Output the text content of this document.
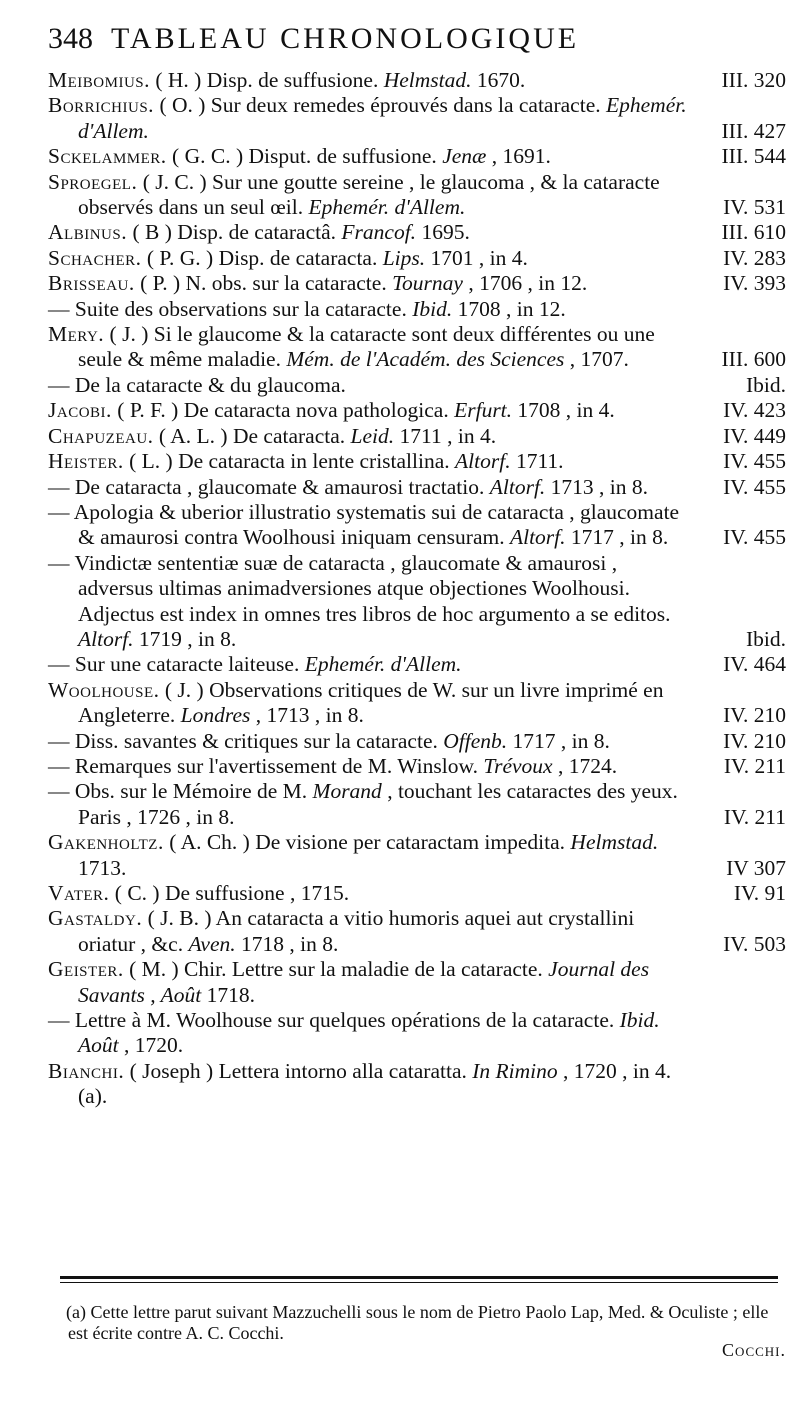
348 TABLEAU CHRONOLOGIQUE
Meibomius. ( H. ) Disp. de suffusione. Helmstad. 1670.	III. 320
Borrichius. ( O. ) Sur deux remedes éprouvés dans la cataracte. Ephemér. d'Allem.	III. 427
Sckelammer. ( G. C. ) Disput. de suffusione. Jenæ , 1691.	III. 544
Sproegel. ( J. C. ) Sur une goutte sereine , le glaucoma , & la cataracte observés dans un seul œil. Ephemér. d'Allem.	IV. 531
Albinus. ( B ) Disp. de cataractâ. Francof. 1695.	III. 610
Schacher. ( P. G. ) Disp. de cataracta. Lips. 1701 , in 4.	IV. 283
Brisseau. ( P. ) N. obs. sur la cataracte. Tournay , 1706 , in 12.	IV. 393
— Suite des observations sur la cataracte. Ibid. 1708 , in 12.
Mery. ( J. ) Si le glaucome & la cataracte sont deux différentes ou une seule & même maladie. Mém. de l'Académ. des Sciences , 1707.	III. 600
— De la cataracte & du glaucoma.	Ibid.
Jacobi. ( P. F. ) De cataracta nova pathologica. Erfurt. 1708 , in 4.	IV. 423
Chapuzeau. ( A. L. ) De cataracta. Leid. 1711 , in 4.	IV. 449
Heister. ( L. ) De cataracta in lente cristallina. Altorf. 1711.	IV. 455
— De cataracta , glaucomate & amaurosi tractatio. Altorf. 1713 , in 8.	IV. 455
— Apologia & uberior illustratio systematis sui de cataracta , glaucomate & amaurosi contra Woolhousi iniquam censuram. Altorf. 1717 , in 8.	IV. 455
— Vindictæ sententiæ suæ de cataracta , glaucomate & amaurosi , adversus ultimas animadversiones atque objectiones Woolhousi. Adjectus est index in omnes tres libros de hoc argumento a se editos. Altorf. 1719 , in 8.	Ibid.
— Sur une cataracte laiteuse. Ephemér. d'Allem.	IV. 464
Woolhouse. ( J. ) Observations critiques de W. sur un livre imprimé en Angleterre. Londres , 1713 , in 8.	IV. 210
— Diss. savantes & critiques sur la cataracte. Offenb. 1717 , in 8.	IV. 210
— Remarques sur l'avertissement de M. Winslow. Trévoux , 1724.	IV. 211
— Obs. sur le Mémoire de M. Morand , touchant les cataractes des yeux. Paris , 1726 , in 8.	IV. 211
Gakenholtz. ( A. Ch. ) De visione per cataractam impedita. Helmstad. 1713.	IV 307
Vater. ( C. ) De suffusione , 1715.	IV. 91
Gastaldy. ( J. B. ) An cataracta a vitio humoris aquei aut crystallini oriatur , &c. Aven. 1718 , in 8.	IV. 503
Geister. ( M. ) Chir. Lettre sur la maladie de la cataracte. Journal des Savants , Août 1718.
— Lettre à M. Woolhouse sur quelques opérations de la cataracte. Ibid. Août , 1720.
Bianchi. ( Joseph ) Lettera intorno alla cataratta. In Rimino , 1720 , in 4. (a).
(a) Cette lettre parut suivant Mazzuchelli sous le nom de Pietro Paolo Lap, Med. & Oculiste ; elle est écrite contre A. C. Cocchi.
Cocchi.
